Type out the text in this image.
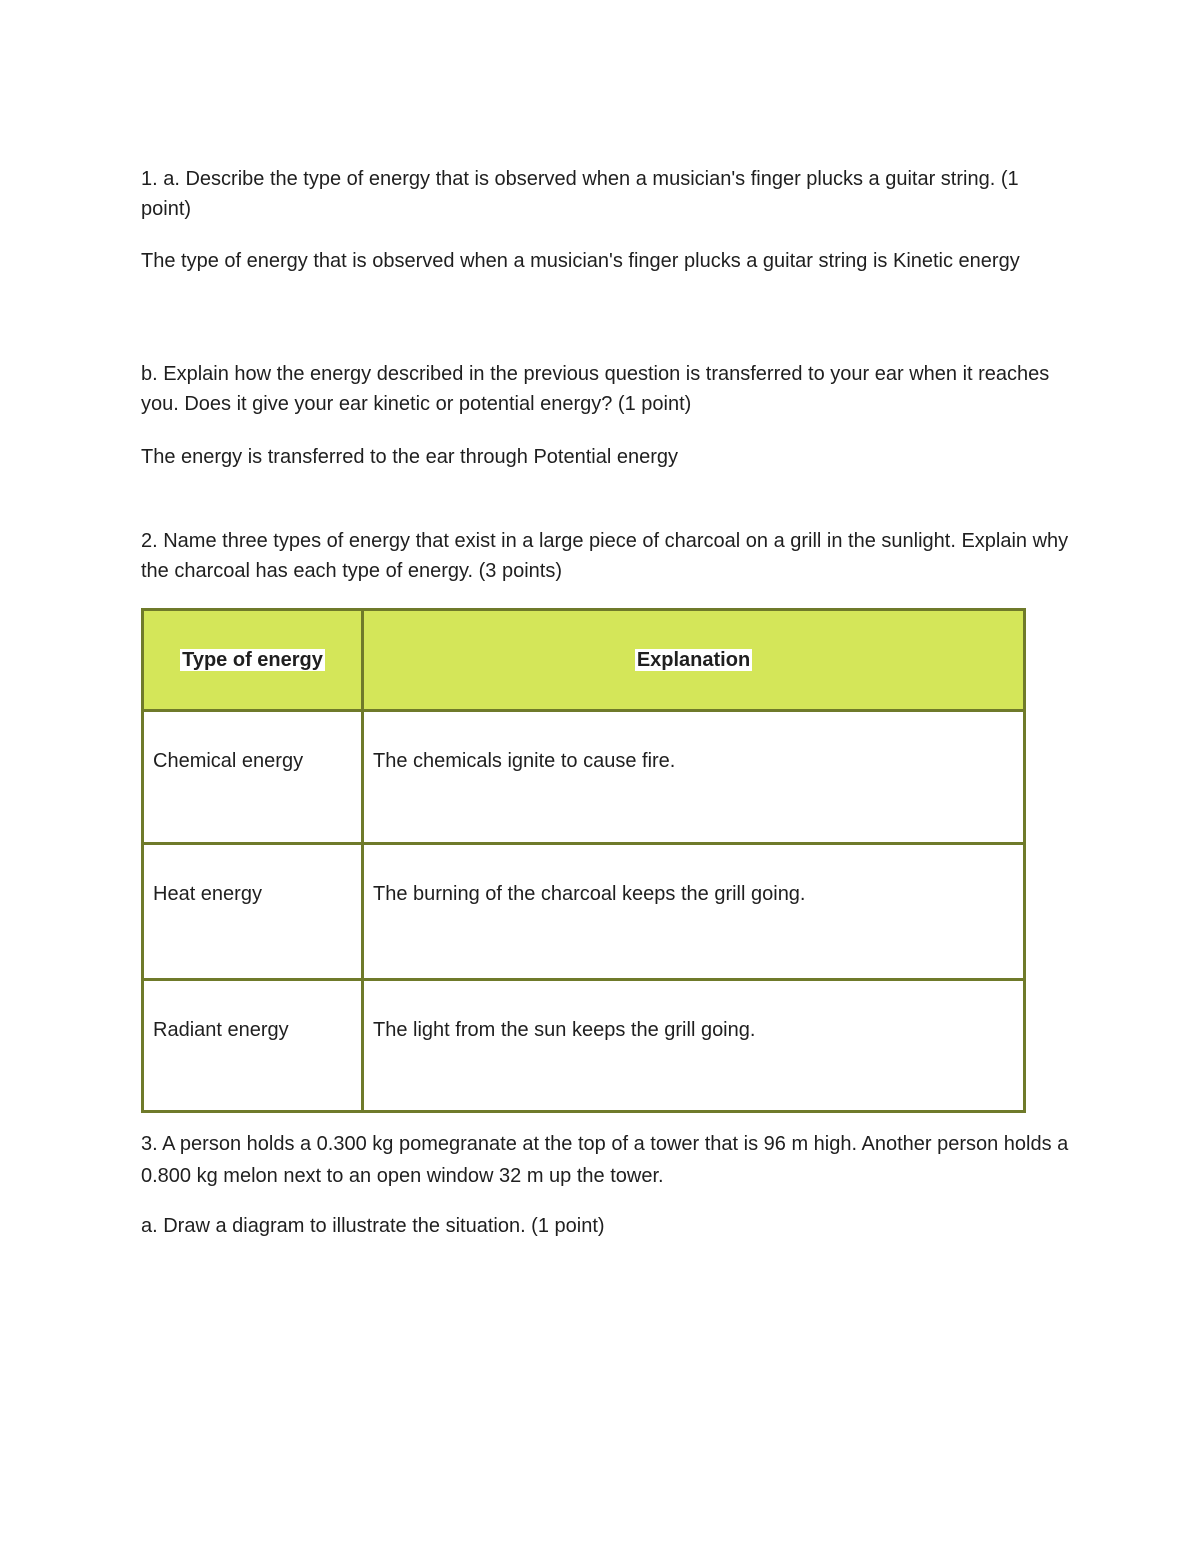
1. a. Describe the type of energy that is observed when a musician's finger plucks a guitar string. (1 point)

The type of energy that is observed when a musician's finger plucks a guitar string is Kinetic energy

b. Explain how the energy described in the previous question is transferred to your ear when it reaches you. Does it give your ear kinetic or potential energy? (1 point)

The energy is transferred to the ear through Potential energy

2. Name three types of energy that exist in a large piece of charcoal on a grill in the sunlight. Explain why the charcoal has each type of energy. (3 points)

Type of energy	Explanation

Chemical energy	The chemicals ignite to cause fire.

Heat energy	The burning of the charcoal keeps the grill going.

Radiant energy	The light from the sun keeps the grill going.

3. A person holds a 0.300 kg pomegranate at the top of a tower that is 96 m high. Another person holds a 0.800 kg melon next to an open window 32 m up the tower.

a. Draw a diagram to illustrate the situation. (1 point)
